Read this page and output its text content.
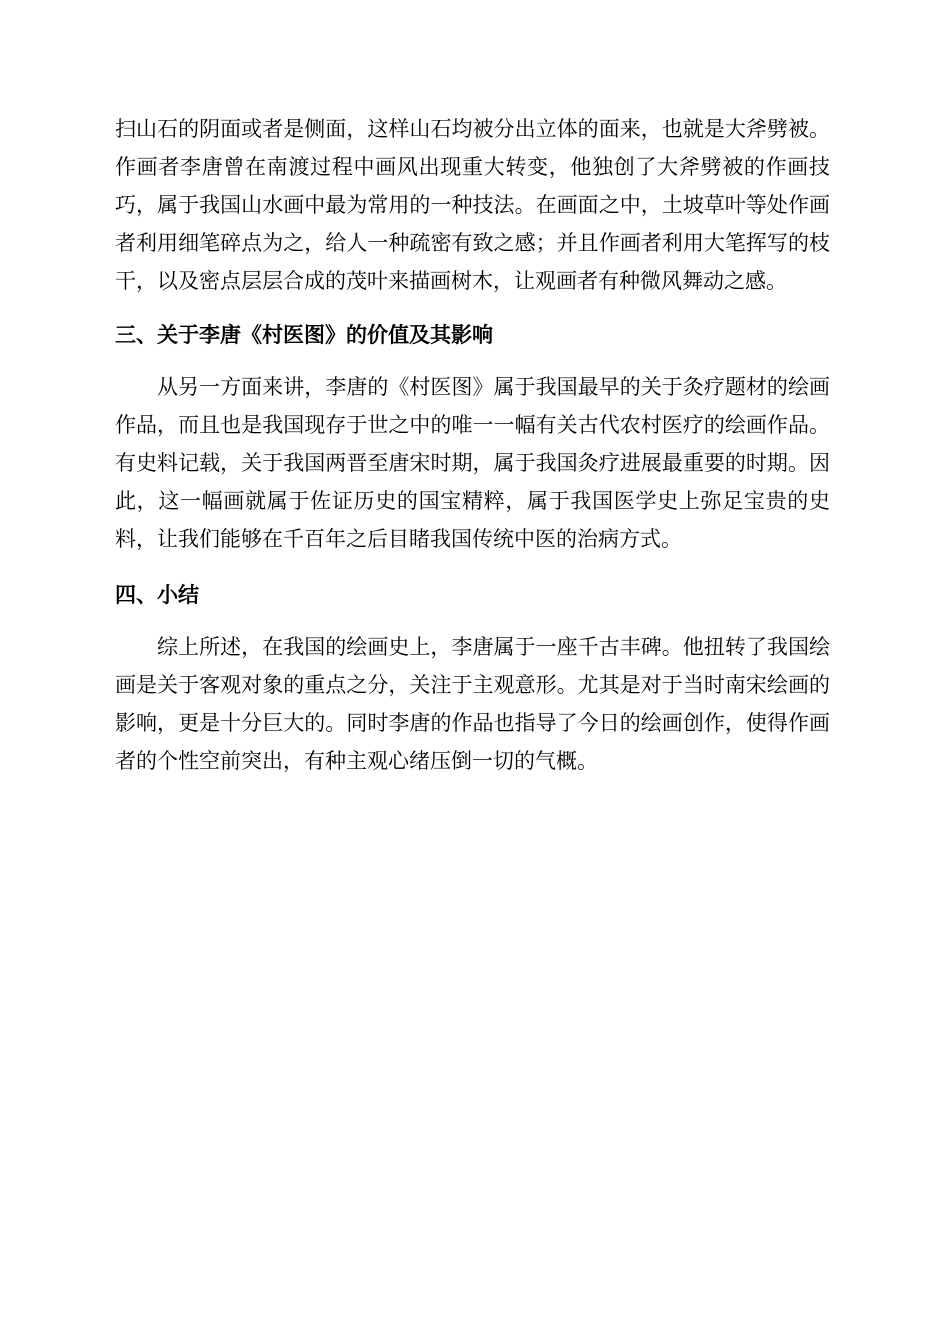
扫山石的阴面或者是侧面，这样山石均被分出立体的面来，也就是大斧劈被。作画者李唐曾在南渡过程中画风出现重大转变，他独创了大斧劈被的作画技巧，属于我国山水画中最为常用的一种技法。在画面之中，土坡草叶等处作画者利用细笔碎点为之，给人一种疏密有致之感；并且作画者利用大笔挥写的枝干，以及密点层层合成的茂叶来描画树木，让观画者有种微风舞动之感。

三、关于李唐《村医图》的价值及其影响

从另一方面来讲，李唐的《村医图》属于我国最早的关于灸疗题材的绘画作品，而且也是我国现存于世之中的唯一一幅有关古代农村医疗的绘画作品。有史料记载，关于我国两晋至唐宋时期，属于我国灸疗进展最重要的时期。因此，这一幅画就属于佐证历史的国宝精粹，属于我国医学史上弥足宝贵的史料，让我们能够在千百年之后目睹我国传统中医的治病方式。

四、小结

综上所述，在我国的绘画史上，李唐属于一座千古丰碑。他扭转了我国绘画是关于客观对象的重点之分，关注于主观意形。尤其是对于当时南宋绘画的影响，更是十分巨大的。同时李唐的作品也指导了今日的绘画创作，使得作画者的个性空前突出，有种主观心绪压倒一切的气概。
